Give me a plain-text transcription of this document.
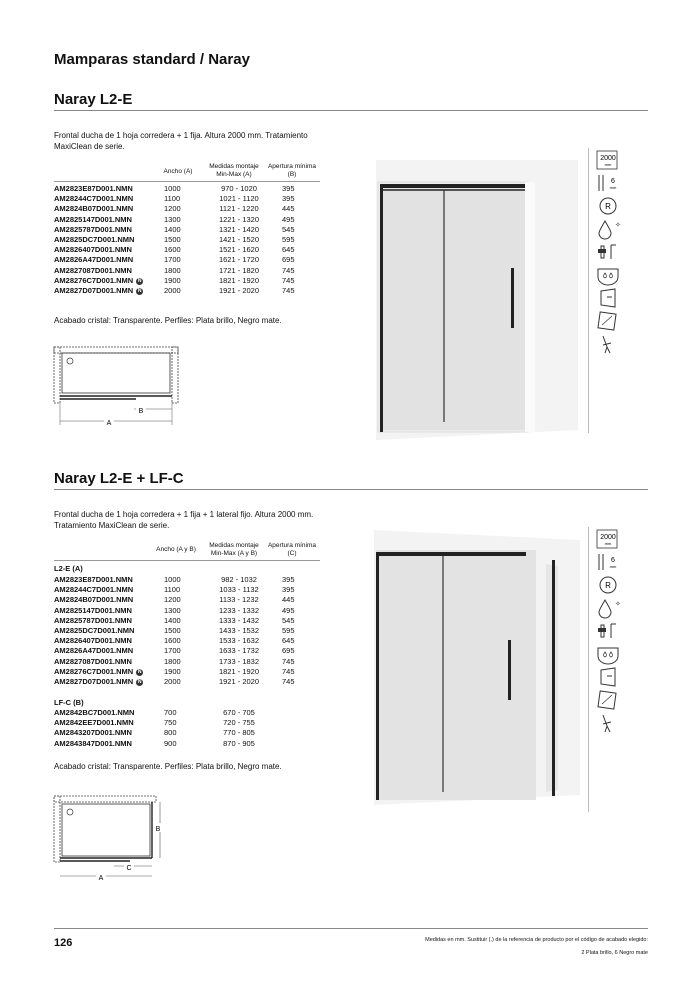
Mamparas standard / Naray
Naray L2-E
Frontal ducha de 1 hoja corredera + 1 fija. Altura 2000 mm. Tratamiento MaxiClean de serie.
Ancho (A)
Medidas montaje
Min-Max (A)
Apertura mínima
(B)
AM2823E87D001.NMN	1000	970 - 1020	395
AM28244C7D001.NMN	1100	1021 - 1120	395
AM2824B07D001.NMN	1200	1121 - 1220	445
AM2825147D001.NMN	1300	1221 - 1320	495
AM2825787D001.NMN	1400	1321 - 1420	545
AM2825DC7D001.NMN	1500	1421 - 1520	595
AM2826407D001.NMN	1600	1521 - 1620	645
AM2826A47D001.NMN	1700	1621 - 1720	695
AM2827087D001.NMN	1800	1721 - 1820	745
AM28276C7D001.NMN N	1900	1821 - 1920	745
AM2827D07D001.NMN N	2000	1921 - 2020	745
Acabado cristal: Transparente. Perfiles: Plata brillo, Negro mate.
B
A
2000
mm
6
mm
R
✧
Naray L2-E + LF-C
Frontal ducha de 1 hoja corredera + 1 fija + 1 lateral fijo. Altura 2000 mm. Tratamiento MaxiClean de serie.
Ancho (A y B)
Medidas montaje
Min-Max (A y B)
Apertura mínima
(C)
L2-E (A)
AM2823E87D001.NMN	1000	982 - 1032	395
AM28244C7D001.NMN	1100	1033 - 1132	395
AM2824B07D001.NMN	1200	1133 - 1232	445
AM2825147D001.NMN	1300	1233 - 1332	495
AM2825787D001.NMN	1400	1333 - 1432	545
AM2825DC7D001.NMN	1500	1433 - 1532	595
AM2826407D001.NMN	1600	1533 - 1632	645
AM2826A47D001.NMN	1700	1633 - 1732	695
AM2827087D001.NMN	1800	1733 - 1832	745
AM28276C7D001.NMN N	1900	1821 - 1920	745
AM2827D07D001.NMN N	2000	1921 - 2020	745
LF-C (B)
AM2842BC7D001.NMN	700	670 - 705
AM2842EE7D001.NMN	750	720 - 755
AM2843207D001.NMN	800	770 - 805
AM2843847D001.NMN	900	870 - 905
Acabado cristal: Transparente. Perfiles: Plata brillo, Negro mate.
B
C
A
2000
mm
6
mm
R
✧
126	Medidas en mm. Sustituir (.) de la referencia de producto por el código de acabado elegido:
2 Plata brillo, 6 Negro mate
